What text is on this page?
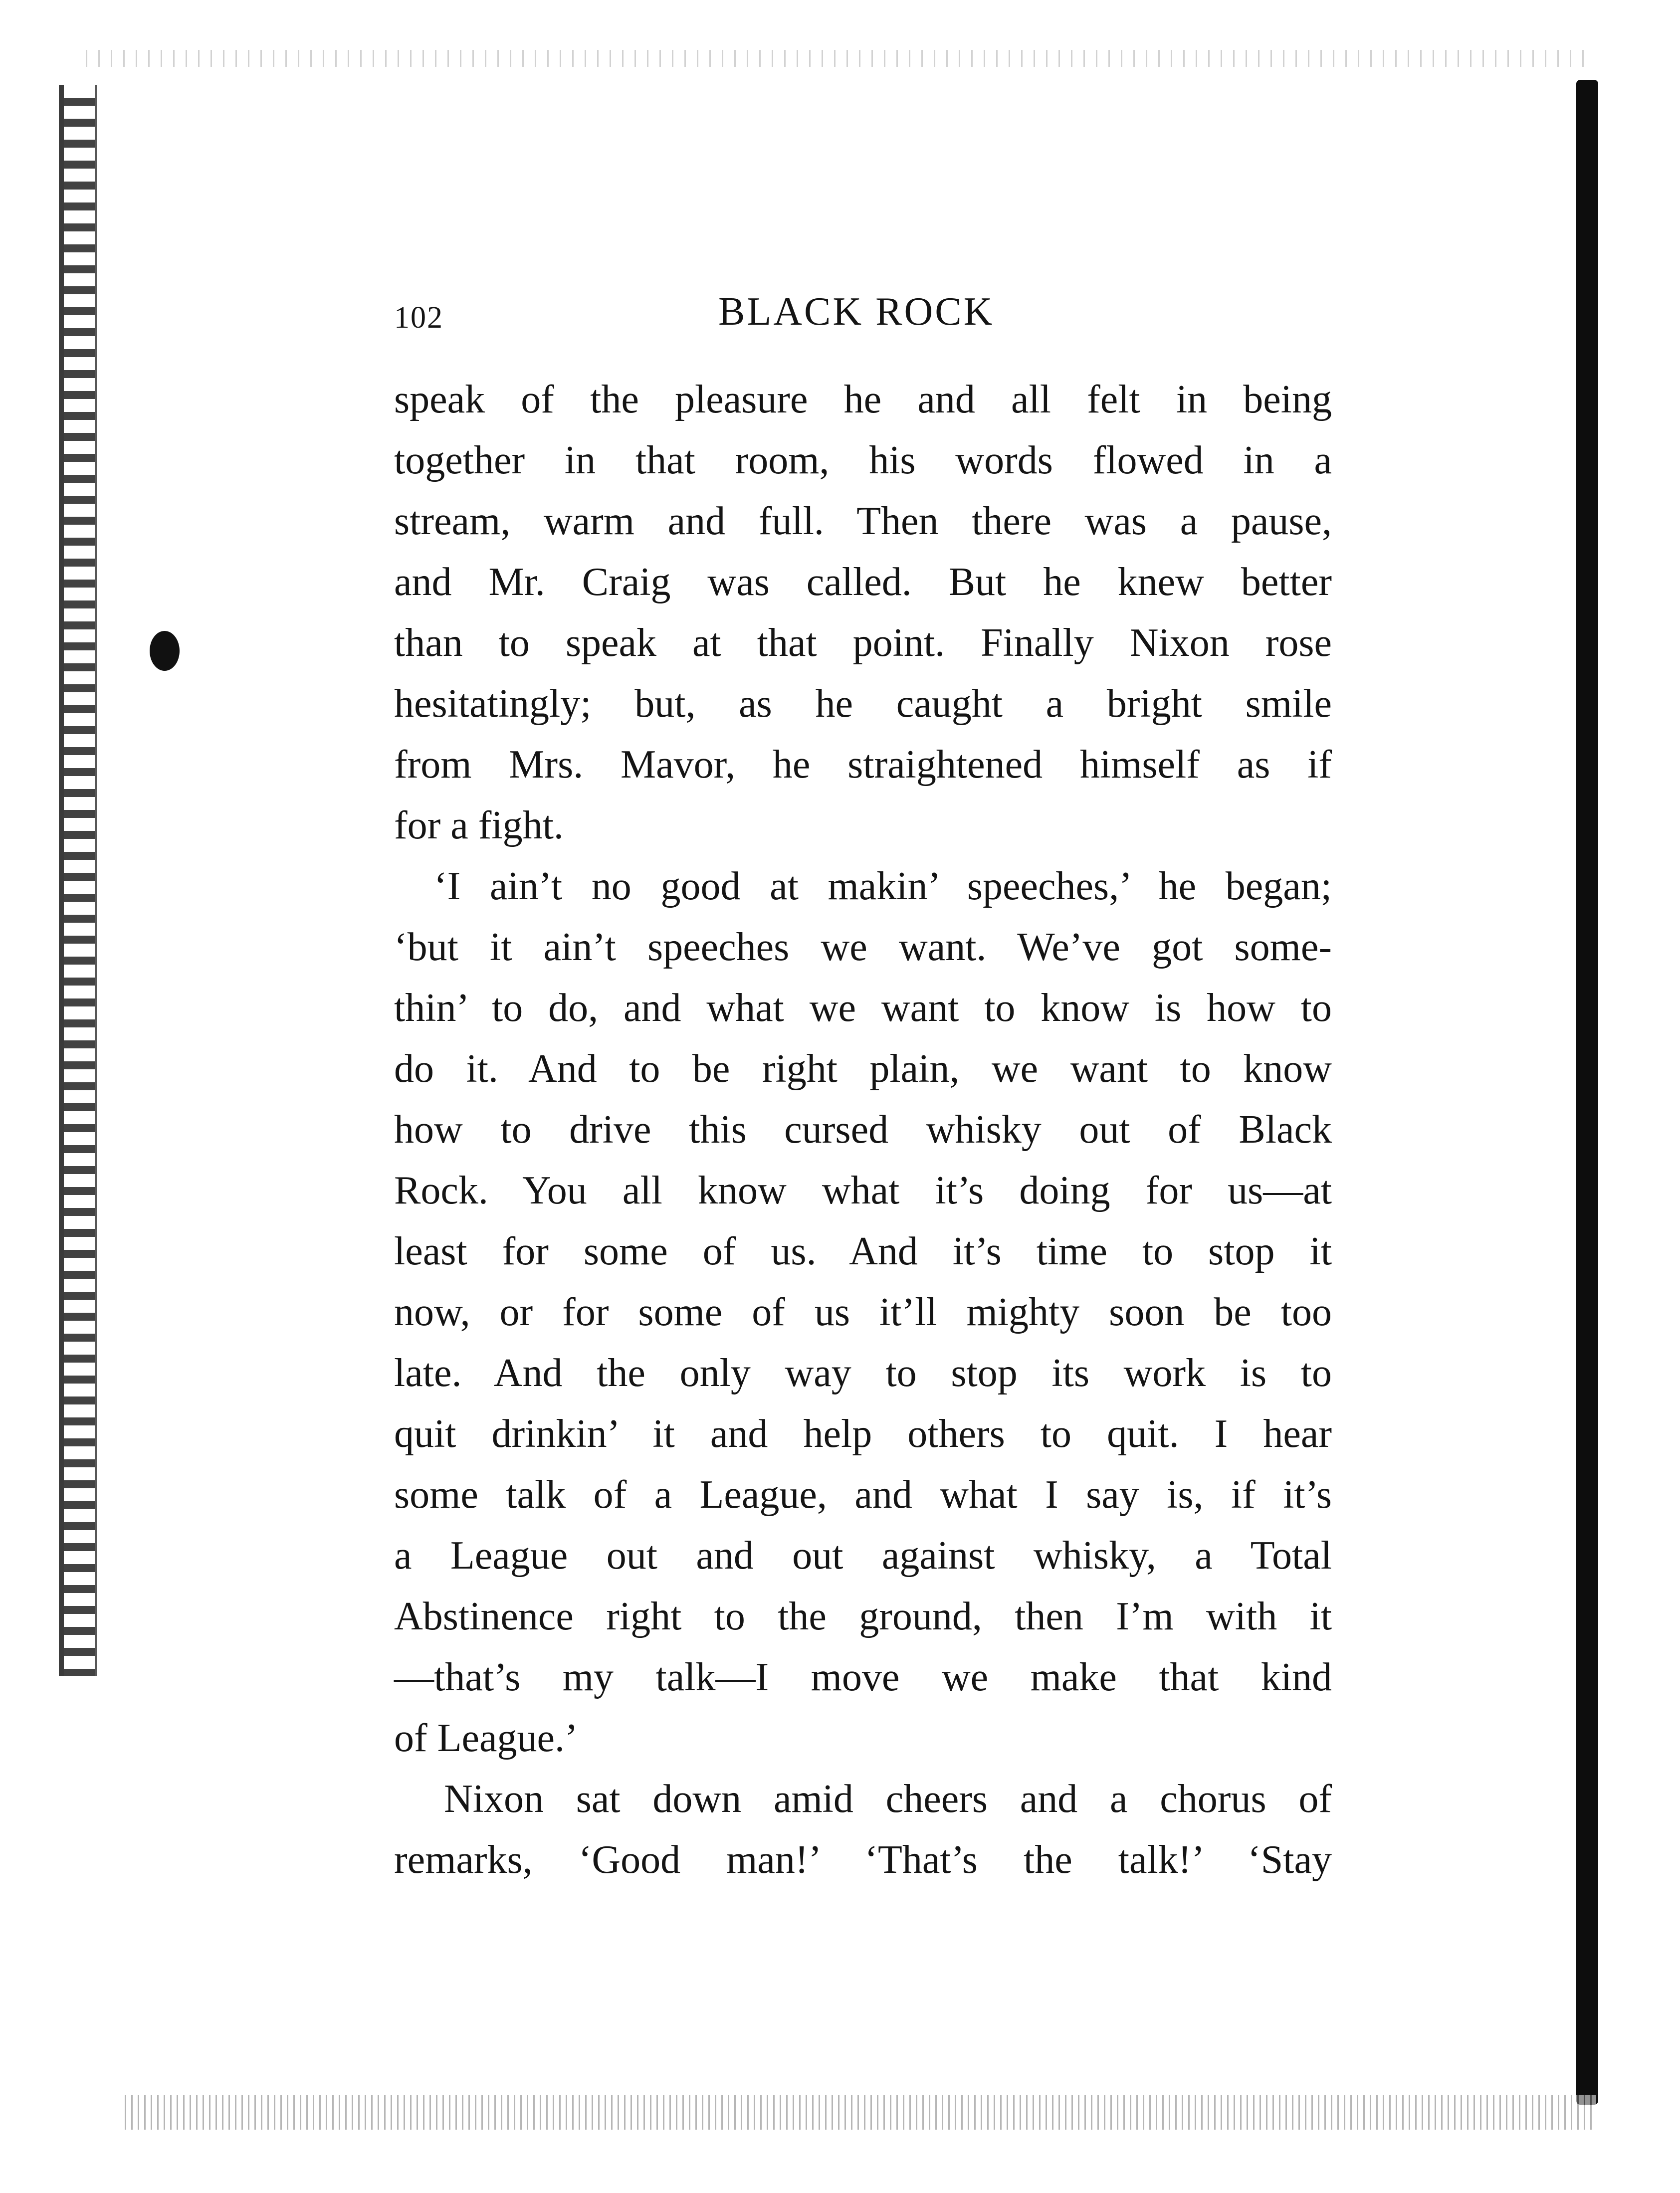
102	BLACK ROCK
speak of the pleasure he and all felt in being
together in that room, his words flowed in a
stream, warm and full. Then there was a pause,
and Mr. Craig was called. But he knew better
than to speak at that point. Finally Nixon rose
hesitatingly; but, as he caught a bright smile
from Mrs. Mavor, he straightened himself as if
for a fight.
‘I ain’t no good at makin’ speeches,’ he began;
‘but it ain’t speeches we want. We’ve got some-
thin’ to do, and what we want to know is how to
do it. And to be right plain, we want to know
how to drive this cursed whisky out of Black
Rock. You all know what it’s doing for us—at
least for some of us. And it’s time to stop it
now, or for some of us it’ll mighty soon be too
late. And the only way to stop its work is to
quit drinkin’ it and help others to quit. I hear
some talk of a League, and what I say is, if it’s
a League out and out against whisky, a Total
Abstinence right to the ground, then I’m with it
—that’s my talk—I move we make that kind
of League.’
Nixon sat down amid cheers and a chorus of
remarks, ‘Good man!’ ‘That’s the talk!’ ‘Stay
